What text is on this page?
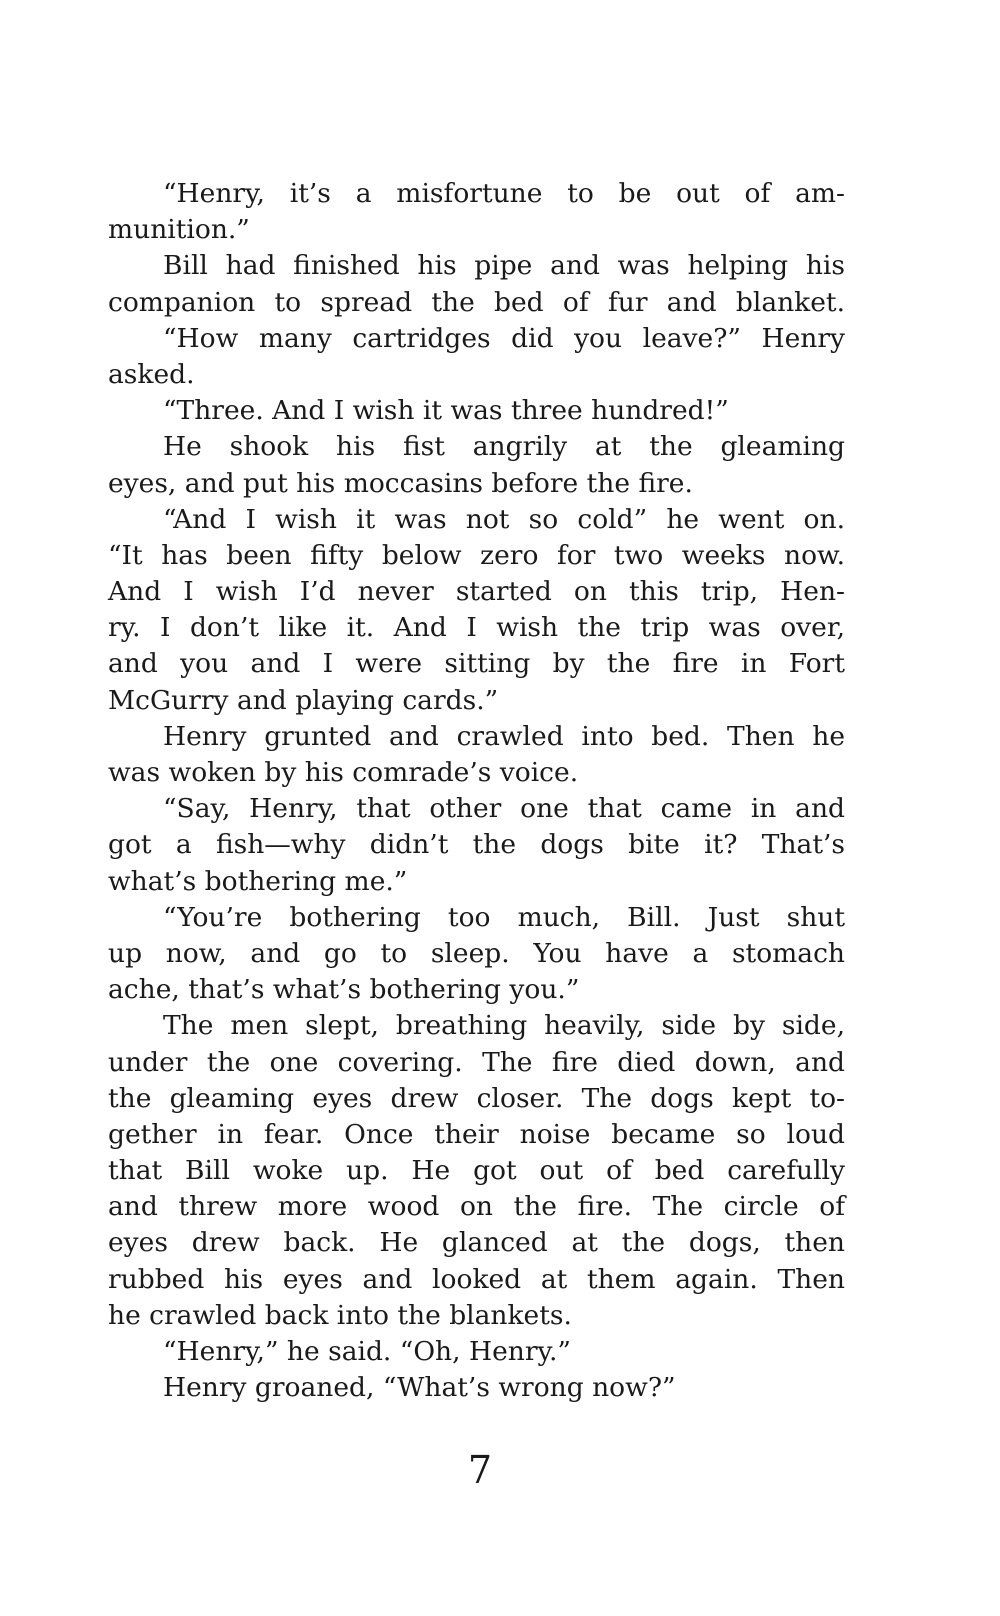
“Henry, it’s a misfortune to be out of am-
munition.”
Bill had finished his pipe and was helping his
companion to spread the bed of fur and blanket.
“How many cartridges did you leave?” Henry
asked.
“Three. And I wish it was three hundred!”
He shook his fist angrily at the gleaming
eyes, and put his moccasins before the fire.
“And I wish it was not so cold” he went on.
“It has been fifty below zero for two weeks now.
And I wish I’d never started on this trip, Hen-
ry. I don’t like it. And I wish the trip was over,
and you and I were sitting by the fire in Fort
McGurry and playing cards.”
Henry grunted and crawled into bed. Then he
was woken by his comrade’s voice.
“Say, Henry, that other one that came in and
got a fish—why didn’t the dogs bite it? That’s
what’s bothering me.”
“You’re bothering too much, Bill. Just shut
up now, and go to sleep. You have a stomach
ache, that’s what’s bothering you.”
The men slept, breathing heavily, side by side,
under the one covering. The fire died down, and
the gleaming eyes drew closer. The dogs kept to-
gether in fear. Once their noise became so loud
that Bill woke up. He got out of bed carefully
and threw more wood on the fire. The circle of
eyes drew back. He glanced at the dogs, then
rubbed his eyes and looked at them again. Then
he crawled back into the blankets.
“Henry,” he said. “Oh, Henry.”
Henry groaned, “What’s wrong now?”
7
